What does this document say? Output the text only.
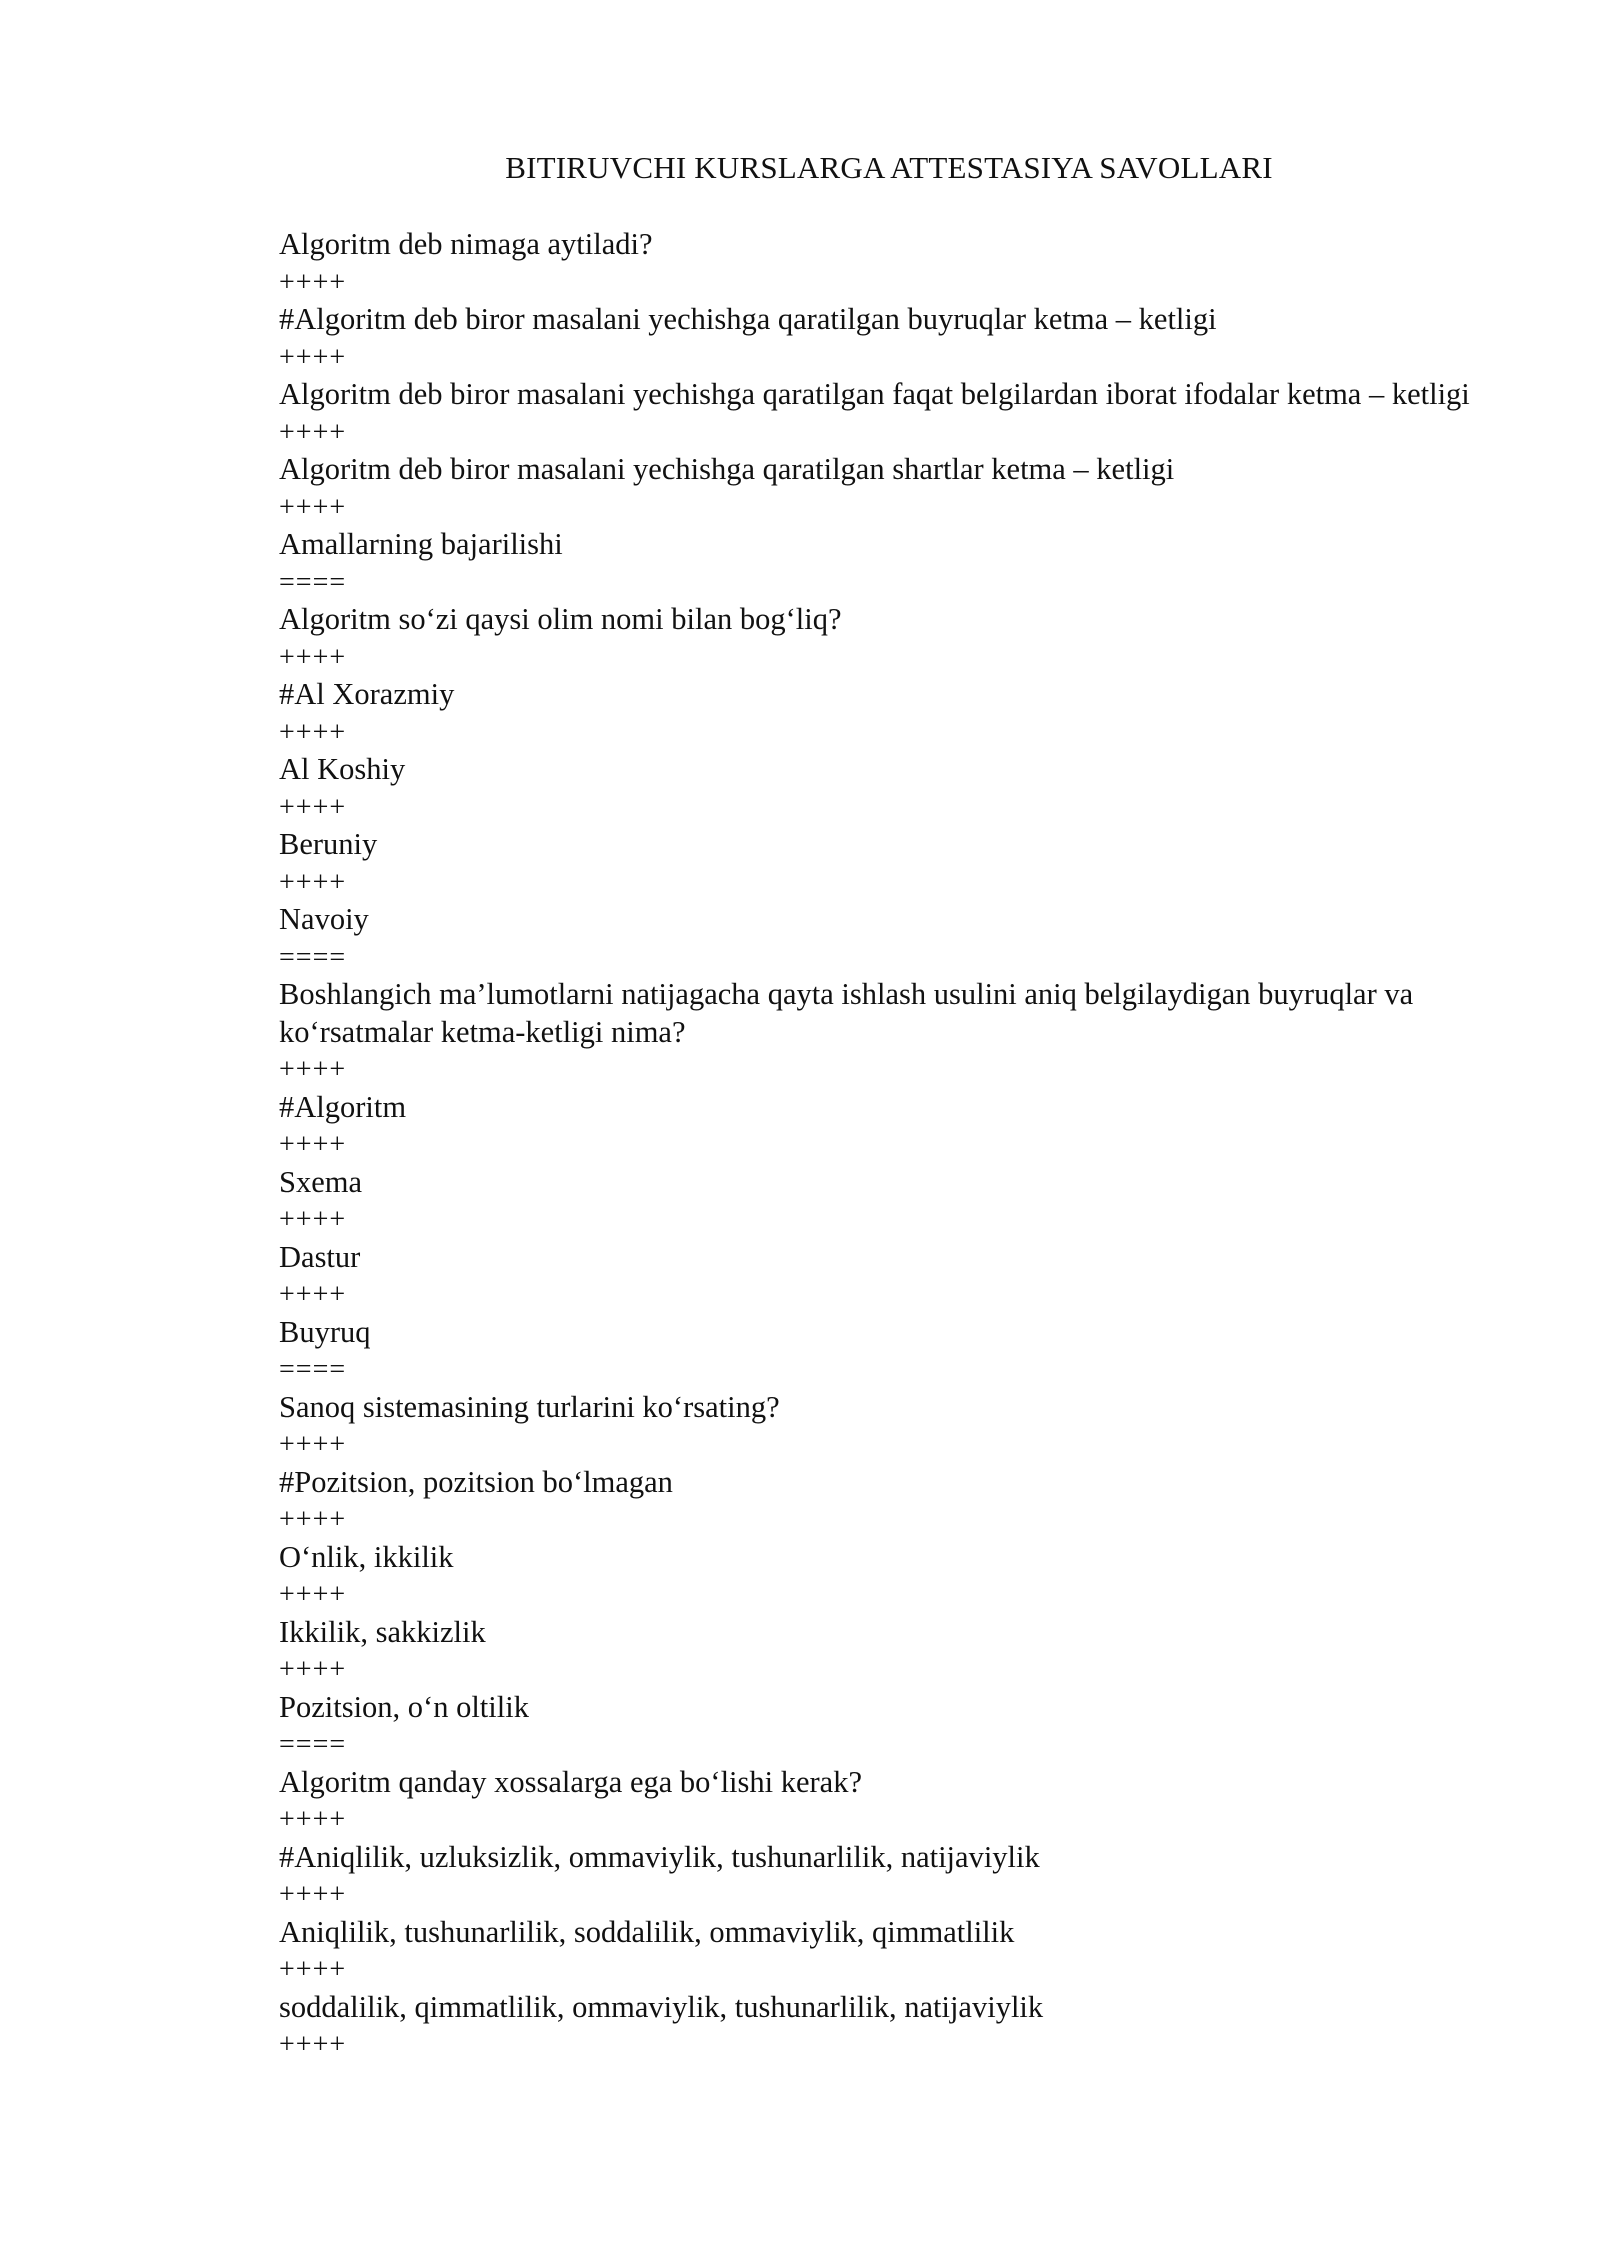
BITIRUVCHI KURSLARGA ATTESTASIYA SAVOLLARI

Algoritm deb nimaga aytiladi?

++++

#Algoritm deb biror masalani yechishga qaratilgan buyruqlar ketma – ketligi

++++

Algoritm deb biror masalani yechishga qaratilgan faqat belgilardan iborat ifodalar ketma – ketligi

++++

Algoritm deb biror masalani yechishga qaratilgan shartlar ketma – ketligi

++++

Amallarning bajarilishi

====

Algoritm so‘zi qaysi olim nomi bilan bog‘liq?

++++

#Al Xorazmiy

++++

Al Koshiy

++++

Beruniy

++++

Navoiy

====

Boshlangich ma’lumotlarni natijagacha qayta ishlash usulini aniq belgilaydigan buyruqlar va ko‘rsatmalar ketma-ketligi nima?

++++

#Algoritm

++++

Sxema

++++

Dastur

++++

Buyruq

====

Sanoq sistemasining turlarini ko‘rsating?

++++

#Pozitsion, pozitsion bo‘lmagan

++++

O‘nlik, ikkilik

++++

Ikkilik, sakkizlik

++++

Pozitsion, o‘n oltilik

====

Algoritm qanday xossalarga ega bo‘lishi kerak?

++++

#Aniqlilik, uzluksizlik, ommaviylik, tushunarlilik, natijaviylik

++++

Aniqlilik, tushunarlilik, soddalilik, ommaviylik, qimmatlilik

++++

soddalilik, qimmatlilik, ommaviylik, tushunarlilik, natijaviylik

++++
